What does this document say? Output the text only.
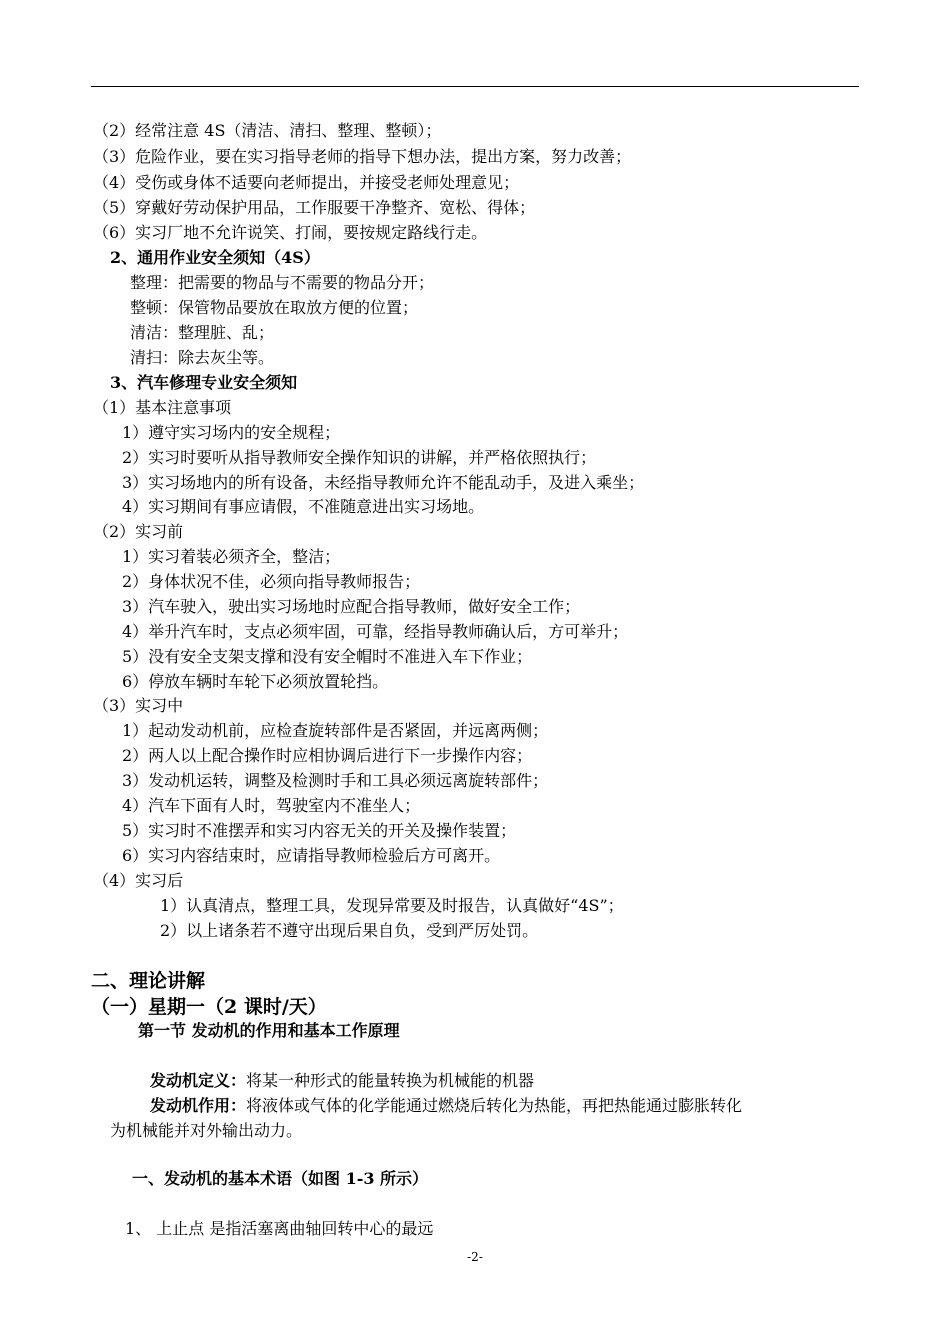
（2）经常注意 4S（清洁、清扫、整理、整顿）；
（3）危险作业，要在实习指导老师的指导下想办法，提出方案，努力改善；
（4）受伤或身体不适要向老师提出，并接受老师处理意见；
（5）穿戴好劳动保护用品，工作服要干净整齐、宽松、得体；
（6）实习厂地不允许说笑、打闹，要按规定路线行走。
2、通用作业安全须知（4S）
整理：把需要的物品与不需要的物品分开；
整顿：保管物品要放在取放方便的位置；
清洁：整理脏、乱；
清扫：除去灰尘等。
3、汽车修理专业安全须知
（1）基本注意事项
1）遵守实习场内的安全规程；
2）实习时要听从指导教师安全操作知识的讲解，并严格依照执行；
3）实习场地内的所有设备，未经指导教师允许不能乱动手，及进入乘坐；
4）实习期间有事应请假，不准随意进出实习场地。
（2）实习前
1）实习着装必须齐全，整洁；
2）身体状况不佳，必须向指导教师报告；
3）汽车驶入，驶出实习场地时应配合指导教师，做好安全工作；
4）举升汽车时，支点必须牢固，可靠，经指导教师确认后，方可举升；
5）没有安全支架支撑和没有安全帽时不准进入车下作业；
6）停放车辆时车轮下必须放置轮挡。
（3）实习中
1）起动发动机前，应检查旋转部件是否紧固，并远离两侧；
2）两人以上配合操作时应相协调后进行下一步操作内容；
3）发动机运转，调整及检测时手和工具必须远离旋转部件；
4）汽车下面有人时，驾驶室内不准坐人；
5）实习时不准摆弄和实习内容无关的开关及操作装置；
6）实习内容结束时，应请指导教师检验后方可离开。
（4）实习后
1）认真清点，整理工具，发现异常要及时报告，认真做好“4S”；
2）以上诸条若不遵守出现后果自负，受到严厉处罚。
二、理论讲解
（一）星期一（2 课时/天）
第一节 发动机的作用和基本工作原理
发动机定义：将某一种形式的能量转换为机械能的机器
发动机作用：将液体或气体的化学能通过燃烧后转化为热能，再把热能通过膨胀转化
为机械能并对外输出动力。
一、发动机的基本术语（如图 1-3 所示）
1、 上止点 是指活塞离曲轴回转中心的最远
-2-
